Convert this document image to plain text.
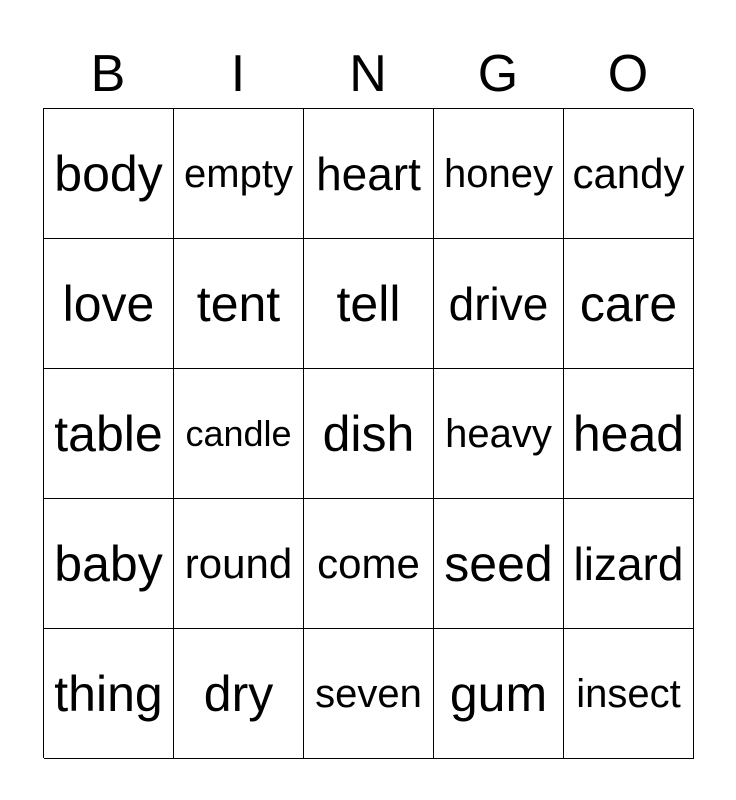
B	I	N	G	O
body empty heart honey candy
love tent	tell	drive care
table candle dish heavy head
baby round come seed lizard
thing dry	seven gum insect
